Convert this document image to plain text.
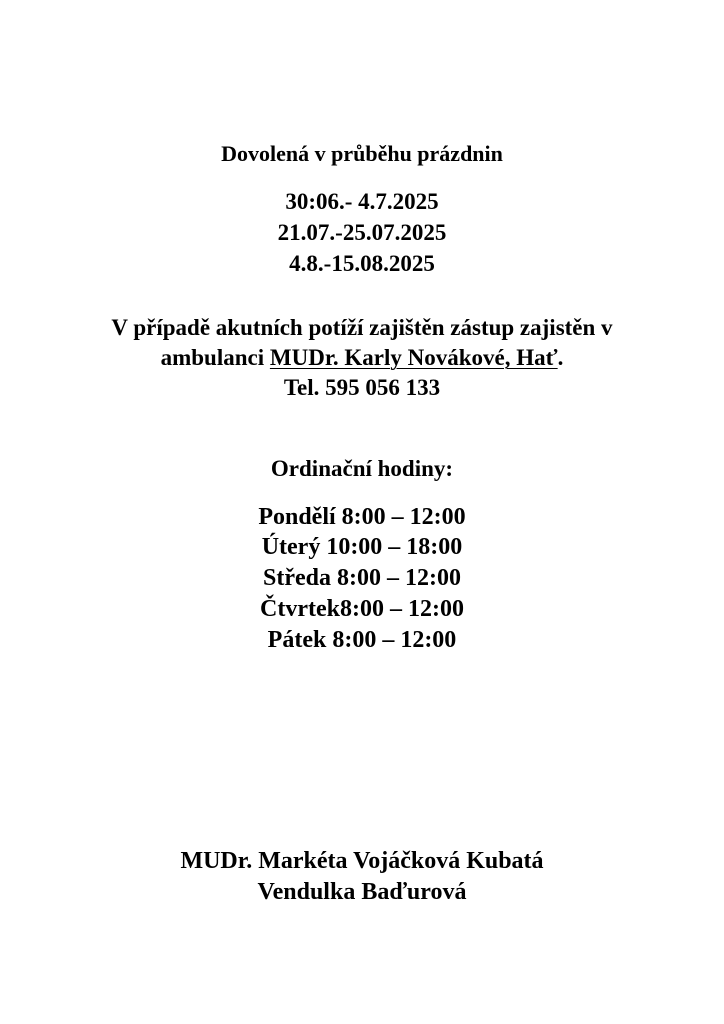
Dovolená v průběhu prázdnin
30:06.- 4.7.2025
21.07.-25.07.2025
4.8.-15.08.2025
V případě akutních potíží zajištěn zástup zajistěn v
ambulanci MUDr. Karly Novákové, Hať.
Tel. 595 056 133
Ordinační hodiny:
Pondělí 8:00 – 12:00
Úterý 10:00 – 18:00
Středa 8:00 – 12:00
Čtvrtek8:00 – 12:00
Pátek 8:00 – 12:00
MUDr. Markéta Vojáčková Kubatá
Vendulka Baďurová
